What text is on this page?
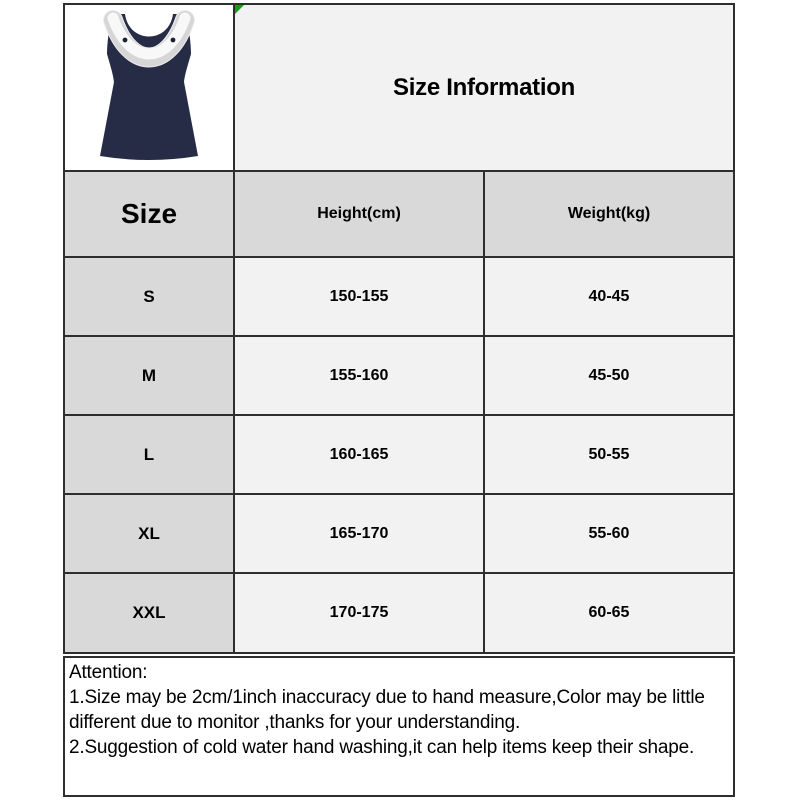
Size Information
Size	Height(cm)	Weight(kg)
S	150-155	40-45
M	155-160	45-50
L	160-165	50-55
XL	165-170	55-60
XXL	170-175	60-65
Attention:
1.Size may be 2cm/1inch inaccuracy due to hand measure,Color may be little
different due to monitor ,thanks for your understanding.
2.Suggestion of cold water hand washing,it can help items keep their shape.
